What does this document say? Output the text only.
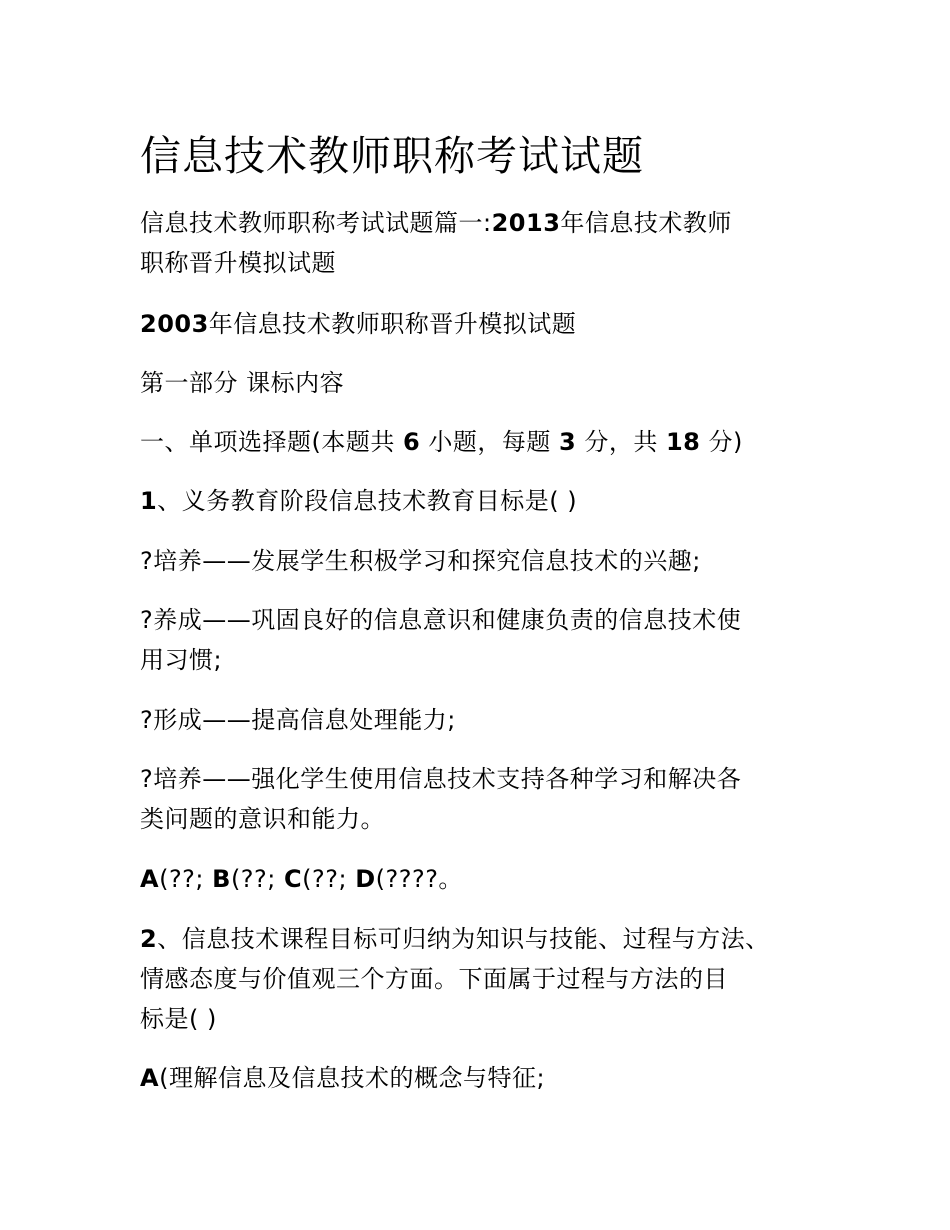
信息技术教师职称考试试题
信息技术教师职称考试试题篇一:2013年信息技术教师
职称晋升模拟试题
2003年信息技术教师职称晋升模拟试题
第一部分 课标内容
一、单项选择题(本题共 6 小题，每题 3 分，共 18 分)
1、义务教育阶段信息技术教育目标是( )
?培养——发展学生积极学习和探究信息技术的兴趣;
?养成——巩固良好的信息意识和健康负责的信息技术使
用习惯;
?形成——提高信息处理能力;
?培养——强化学生使用信息技术支持各种学习和解决各
类问题的意识和能力。
A(??; B(??; C(??; D(????。
2、信息技术课程目标可归纳为知识与技能、过程与方法、
情感态度与价值观三个方面。下面属于过程与方法的目
标是( )
A(理解信息及信息技术的概念与特征;
